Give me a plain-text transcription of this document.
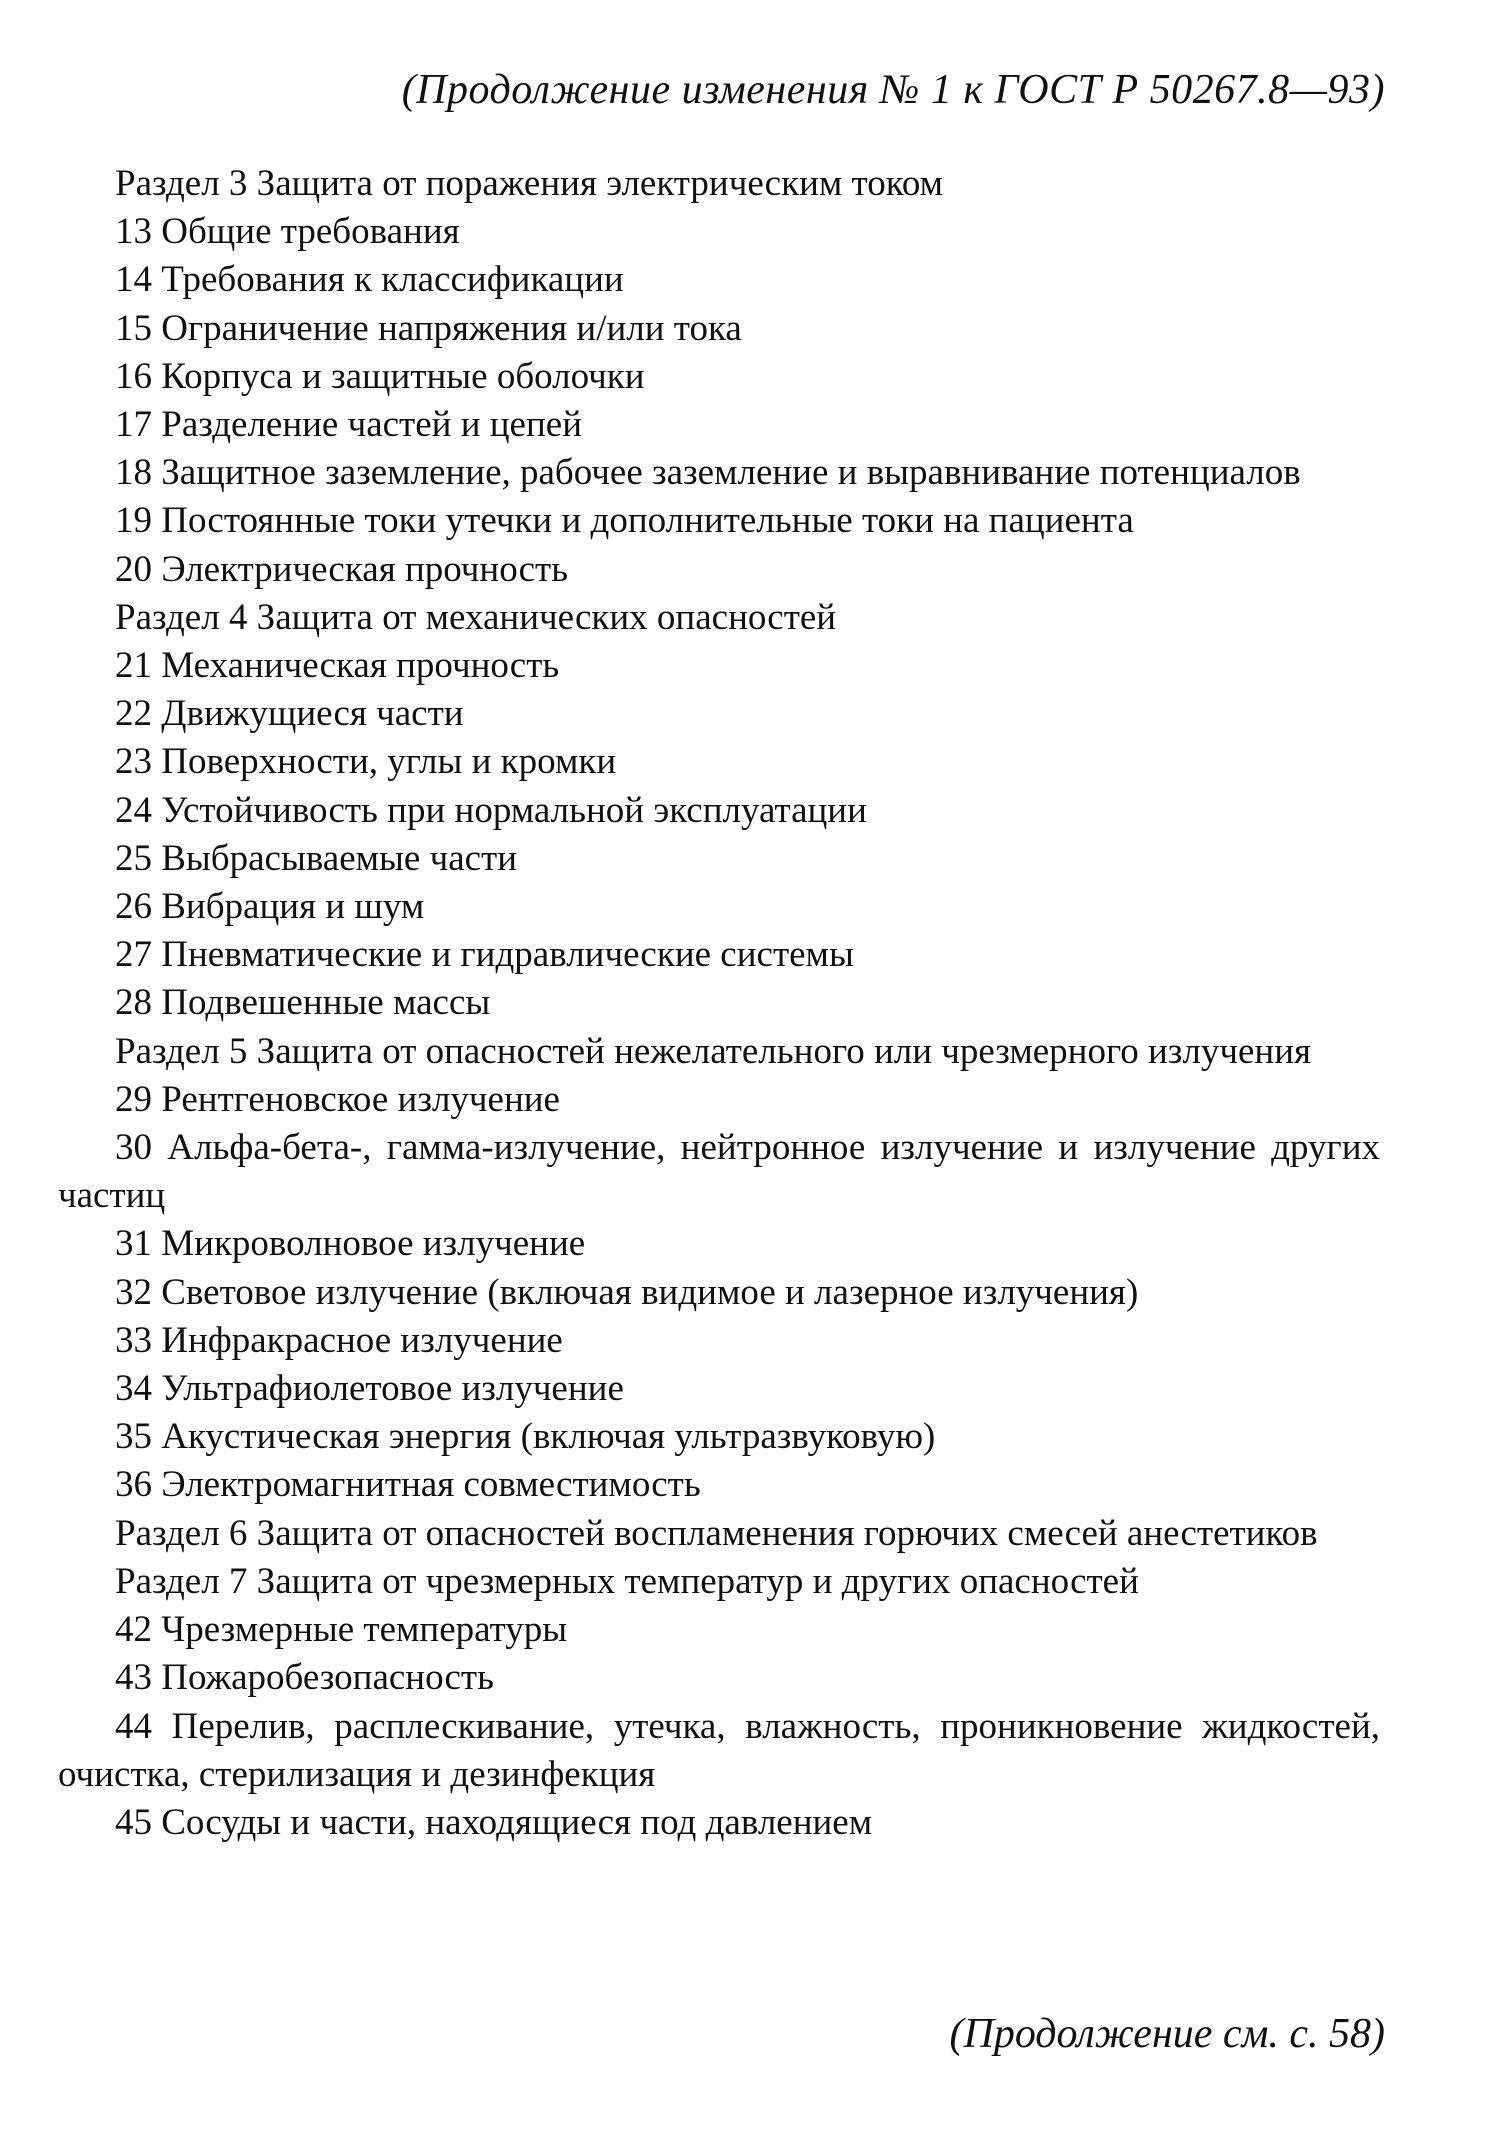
(Продолжение изменения № 1 к ГОСТ Р 50267.8—93)
Раздел 3 Защита от поражения электрическим током
13 Общие требования
14 Требования к классификации
15 Ограничение напряжения и/или тока
16 Корпуса и защитные оболочки
17 Разделение частей и цепей
18 Защитное заземление, рабочее заземление и выравнивание потенциалов
19 Постоянные токи утечки и дополнительные токи на пациента
20 Электрическая прочность
Раздел 4 Защита от механических опасностей
21 Механическая прочность
22 Движущиеся части
23 Поверхности, углы и кромки
24 Устойчивость при нормальной эксплуатации
25 Выбрасываемые части
26 Вибрация и шум
27 Пневматические и гидравлические системы
28 Подвешенные массы
Раздел 5 Защита от опасностей нежелательного или чрезмерного излучения
29 Рентгеновское излучение
30 Альфа-бета-, гамма-излучение, нейтронное излучение и излучение других частиц
31 Микроволновое излучение
32 Световое излучение (включая видимое и лазерное излучения)
33 Инфракрасное излучение
34 Ультрафиолетовое излучение
35 Акустическая энергия (включая ультразвуковую)
36 Электромагнитная совместимость
Раздел 6 Защита от опасностей воспламенения горючих смесей анестетиков
Раздел 7 Защита от чрезмерных температур и других опасностей
42 Чрезмерные температуры
43 Пожаробезопасность
44 Перелив, расплескивание, утечка, влажность, проникновение жидкостей, очистка, стерилизация и дезинфекция
45 Сосуды и части, находящиеся под давлением
(Продолжение см. с. 58)
